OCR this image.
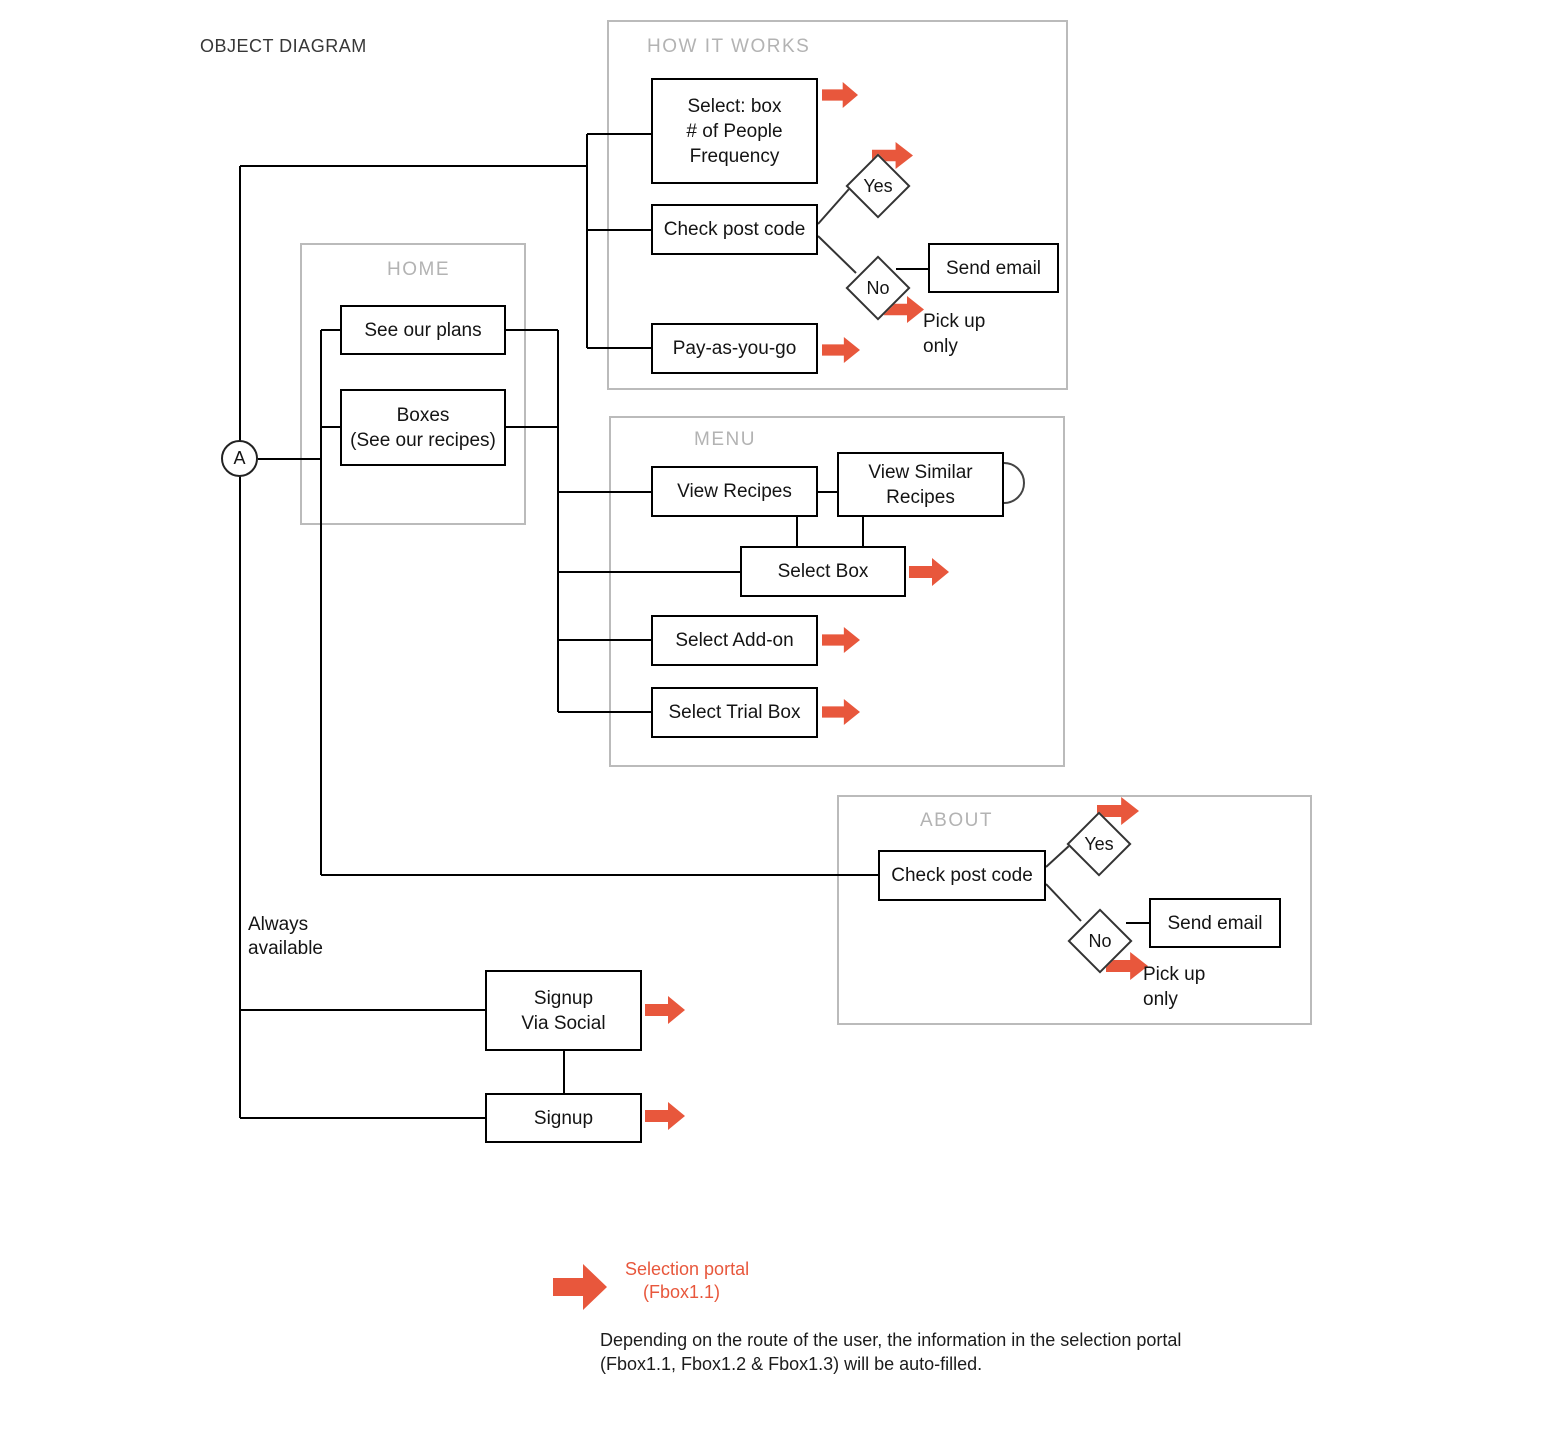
OBJECT DIAGRAM	HOW IT WORKS
HOME
MENU
ABOUT
Select: box
# of People
Frequency
Check post code
Yes
No
Send email
Pick up
only
Pay-as-you-go
See our plans
Boxes
(See our recipes)
A
View Recipes
View Similar
Recipes
Select Box
Select Add-on
Select Trial Box
Check post code
Yes
No
Send email
Pick up
only
Always
available
Signup
Via Social
Signup
Selection portal
(Fbox1.1)
Depending on the route of the user, the information in the selection portal
(Fbox1.1, Fbox1.2 & Fbox1.3) will be auto-filled.
